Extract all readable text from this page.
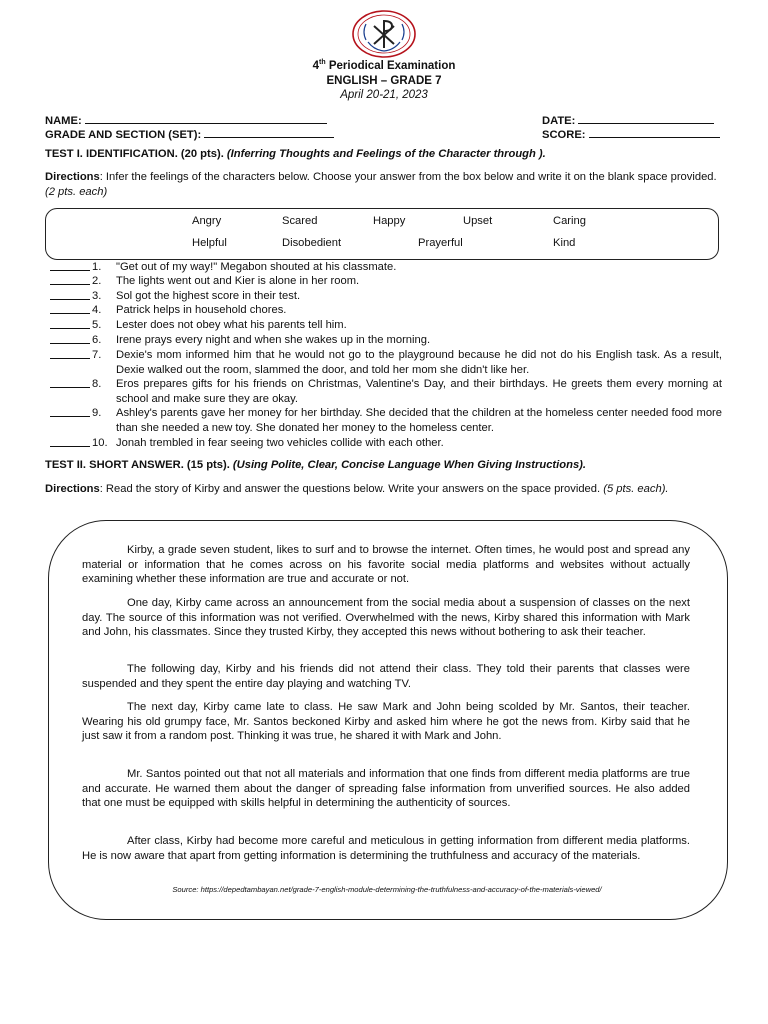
4th Periodical Examination
ENGLISH – GRADE 7
April 20-21, 2023
NAME:
GRADE AND SECTION (SET):
DATE:
SCORE:
TEST I. IDENTIFICATION. (20 pts). (Inferring Thoughts and Feelings of the Character through ).
Directions: Infer the feelings of the characters below. Choose your answer from the box below and write it on the blank space provided. (2 pts. each)
Angry	Scared	Happy	Upset	Caring
Helpful	Disobedient	Prayerful	Kind
1. "Get out of my way!" Megabon shouted at his classmate.
2. The lights went out and Kier is alone in her room.
3. Sol got the highest score in their test.
4. Patrick helps in household chores.
5. Lester does not obey what his parents tell him.
6. Irene prays every night and when she wakes up in the morning.
7. Dexie's mom informed him that he would not go to the playground because he did not do his English task. As a result, Dexie walked out the room, slammed the door, and told her mom she didn't like her.
8. Eros prepares gifts for his friends on Christmas, Valentine's Day, and their birthdays. He greets them every morning at school and make sure they are okay.
9. Ashley's parents gave her money for her birthday. She decided that the children at the homeless center needed food more than she needed a new toy. She donated her money to the homeless center.
10. Jonah trembled in fear seeing two vehicles collide with each other.
TEST II. SHORT ANSWER. (15 pts). (Using Polite, Clear, Concise Language When Giving Instructions).
Directions: Read the story of Kirby and answer the questions below. Write your answers on the space provided. (5 pts. each).
Kirby, a grade seven student, likes to surf and to browse the internet. Often times, he would post and spread any material or information that he comes across on his favorite social media platforms and websites without actually examining whether these information are true and accurate or not.
One day, Kirby came across an announcement from the social media about a suspension of classes on the next day. The source of this information was not verified. Overwhelmed with the news, Kirby shared this information with Mark and John, his classmates. Since they trusted Kirby, they accepted this news without bothering to ask their teacher.
The following day, Kirby and his friends did not attend their class. They told their parents that classes were suspended and they spent the entire day playing and watching TV.
The next day, Kirby came late to class. He saw Mark and John being scolded by Mr. Santos, their teacher. Wearing his old grumpy face, Mr. Santos beckoned Kirby and asked him where he got the news from. Kirby said that he just saw it from a random post. Thinking it was true, he shared it with Mark and John.
Mr. Santos pointed out that not all materials and information that one finds from different media platforms are true and accurate. He warned them about the danger of spreading false information from unverified sources. He also added that one must be equipped with skills helpful in determining the authenticity of sources.
After class, Kirby had become more careful and meticulous in getting information from different media platforms. He is now aware that apart from getting information is determining the truthfulness and accuracy of the materials.
Source: https://depedtambayan.net/grade-7-english-module-determining-the-truthfulness-and-accuracy-of-the-materials-viewed/
